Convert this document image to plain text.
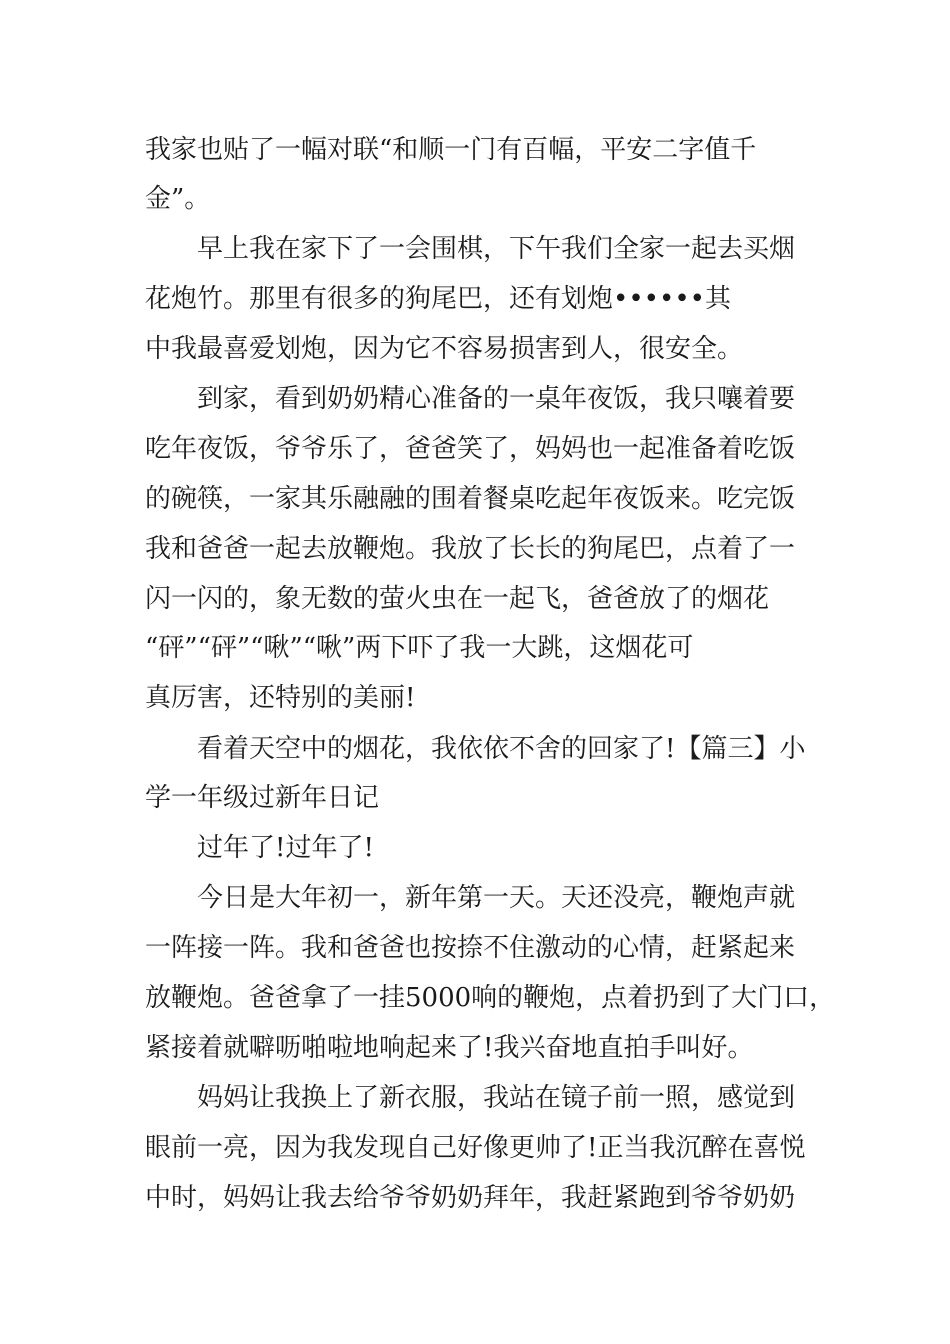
我家也贴了一幅对联“和顺一门有百幅，平安二字值千
金”。
早上我在家下了一会围棋，下午我们全家一起去买烟
花炮竹。那里有很多的狗尾巴，还有划炮••••••其
中我最喜爱划炮，因为它不容易损害到人，很安全。
到家，看到奶奶精心准备的一桌年夜饭，我只嚷着要
吃年夜饭，爷爷乐了，爸爸笑了，妈妈也一起准备着吃饭
的碗筷，一家其乐融融的围着餐桌吃起年夜饭来。吃完饭
我和爸爸一起去放鞭炮。我放了长长的狗尾巴，点着了一
闪一闪的，象无数的萤火虫在一起飞，爸爸放了的烟花
“砰”“砰”“啾”“啾”两下吓了我一大跳，这烟花可
真厉害，还特别的美丽!
看着天空中的烟花，我依依不舍的回家了!【篇三】小
学一年级过新年日记
过年了!过年了!
今日是大年初一，新年第一天。天还没亮，鞭炮声就
一阵接一阵。我和爸爸也按捺不住激动的心情，赶紧起来
放鞭炮。爸爸拿了一挂5000响的鞭炮，点着扔到了大门口，
紧接着就噼呖啪啦地响起来了!我兴奋地直拍手叫好。
妈妈让我换上了新衣服，我站在镜子前一照，感觉到
眼前一亮，因为我发现自己好像更帅了!正当我沉醉在喜悦
中时，妈妈让我去给爷爷奶奶拜年，我赶紧跑到爷爷奶奶
